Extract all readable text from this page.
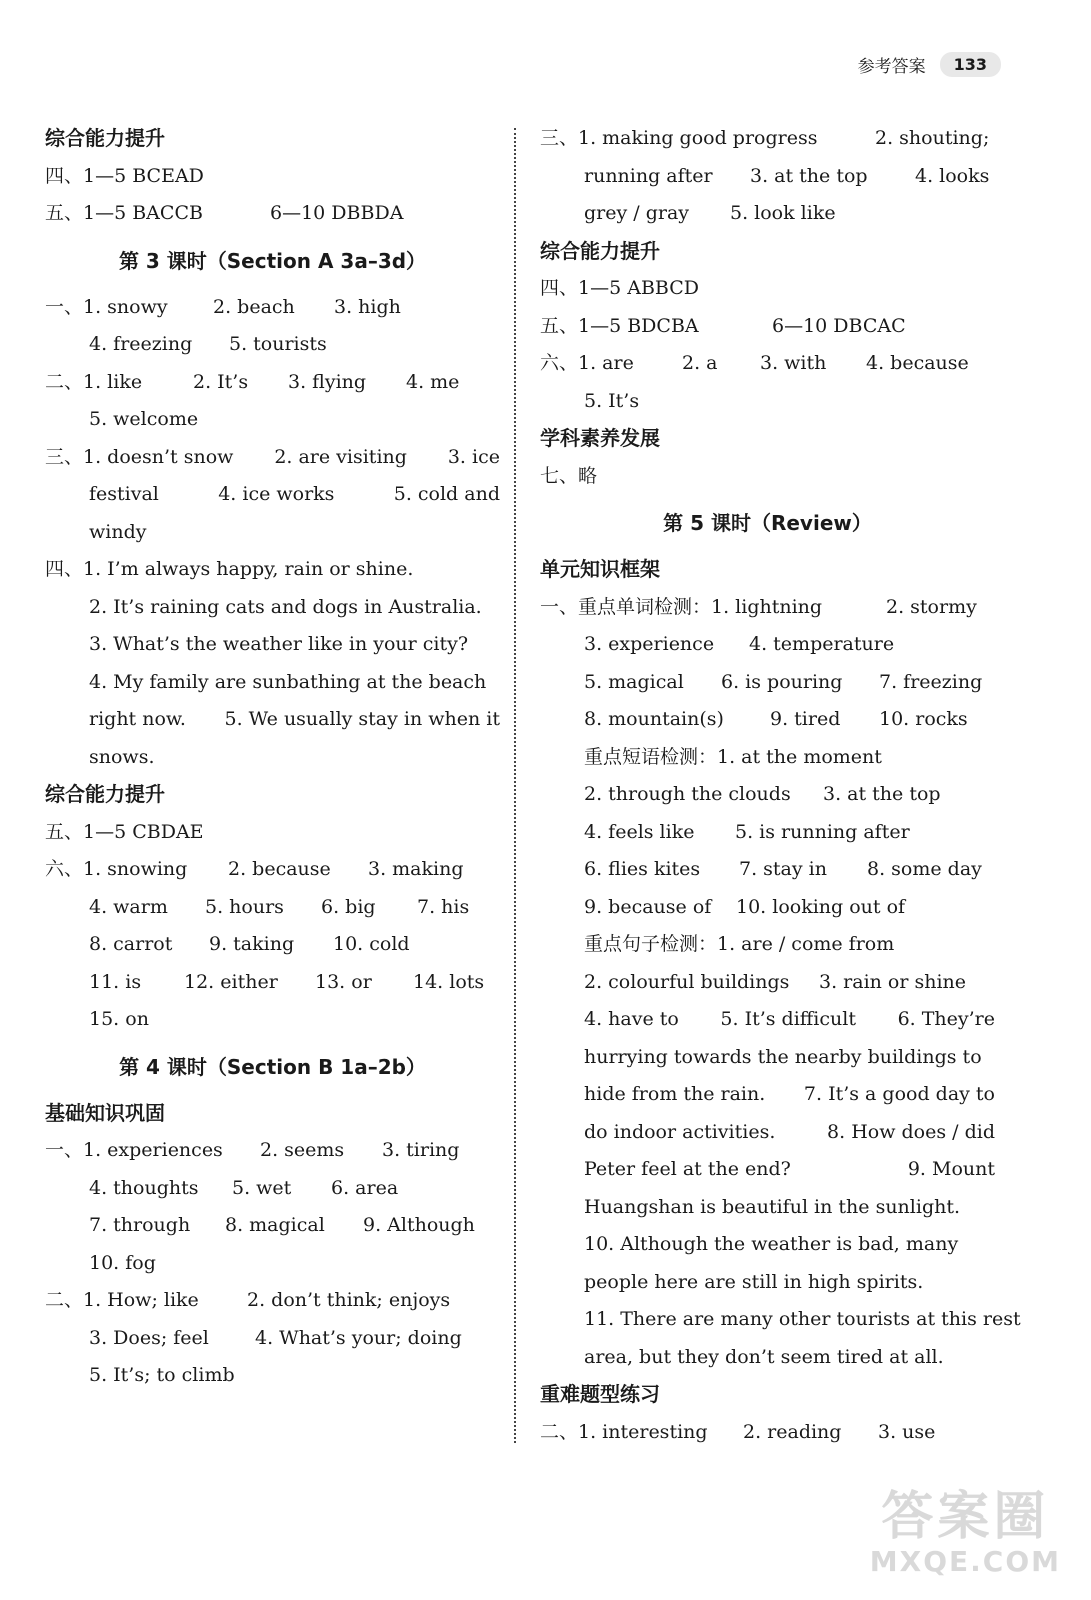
参考答案	133
综合能力提升
四、1—5 BCEAD
五、1—5 BACCB	6—10 DBBDA
第 3 课时（Section A 3a–3d）
一、1. snowy 2. beach 3. high
4. freezing 5. tourists
二、1. like	2. It’s 3. flying 4. me
5. welcome
三、1. doesn’t snow 2. are visiting 3. ice
festival	4. ice works	5. cold and
windy
四、1. I’m always happy, rain or shine.
2. It’s raining cats and dogs in Australia.
3. What’s the weather like in your city?
4. My family are sunbathing at the beach
right now. 5. We usually stay in when it
snows.
综合能力提升
五、1—5 CBDAE
六、1. snowing 2. because 3. making
4. warm 5. hours 6. big 7. his
8. carrot 9. taking 10. cold
11. is 12. either 13. or 14. lots
15. on
第 4 课时（Section B 1a–2b）
基础知识巩固
一、1. experiences 2. seems 3. tiring
4. thoughts 5. wet 6. area
7. through 8. magical 9. Although
10. fog
二、1. How; like	2. don’t think; enjoys
3. Does; feel 4. What’s your; doing
5. It’s; to climb
三、1. making good progress	2. shouting;
running after 3. at the top 4. looks
grey / gray 5. look like
综合能力提升
四、1—5 ABBCD
五、1—5 BDCBA	6—10 DBCAC
六、1. are	2. a 3. with 4. because
5. It’s
学科素养发展
七、略
第 5 课时（Review）
单元知识框架
一、重点单词检测：1. lightning	2. stormy
3. experience 4. temperature
5. magical 6. is pouring 7. freezing
8. mountain(s) 9. tired 10. rocks
重点短语检测：1. at the moment
2. through the clouds 3. at the top
4. feels like 5. is running after
6. flies kites 7. stay in 8. some day
9. because of 10. looking out of
重点句子检测：1. are / come from
2. colourful buildings 3. rain or shine
4. have to 5. It’s difficult 6. They’re
hurrying towards the nearby buildings to
hide from the rain. 7. It’s a good day to
do indoor activities.	8. How does / did
Peter feel at the end?	9. Mount
Huangshan is beautiful in the sunlight.
10. Although the weather is bad, many
people here are still in high spirits.
11. There are many other tourists at this rest
area, but they don’t seem tired at all.
重难题型练习
二、1. interesting 2. reading 3. use
答案圈
MXQE.COM
